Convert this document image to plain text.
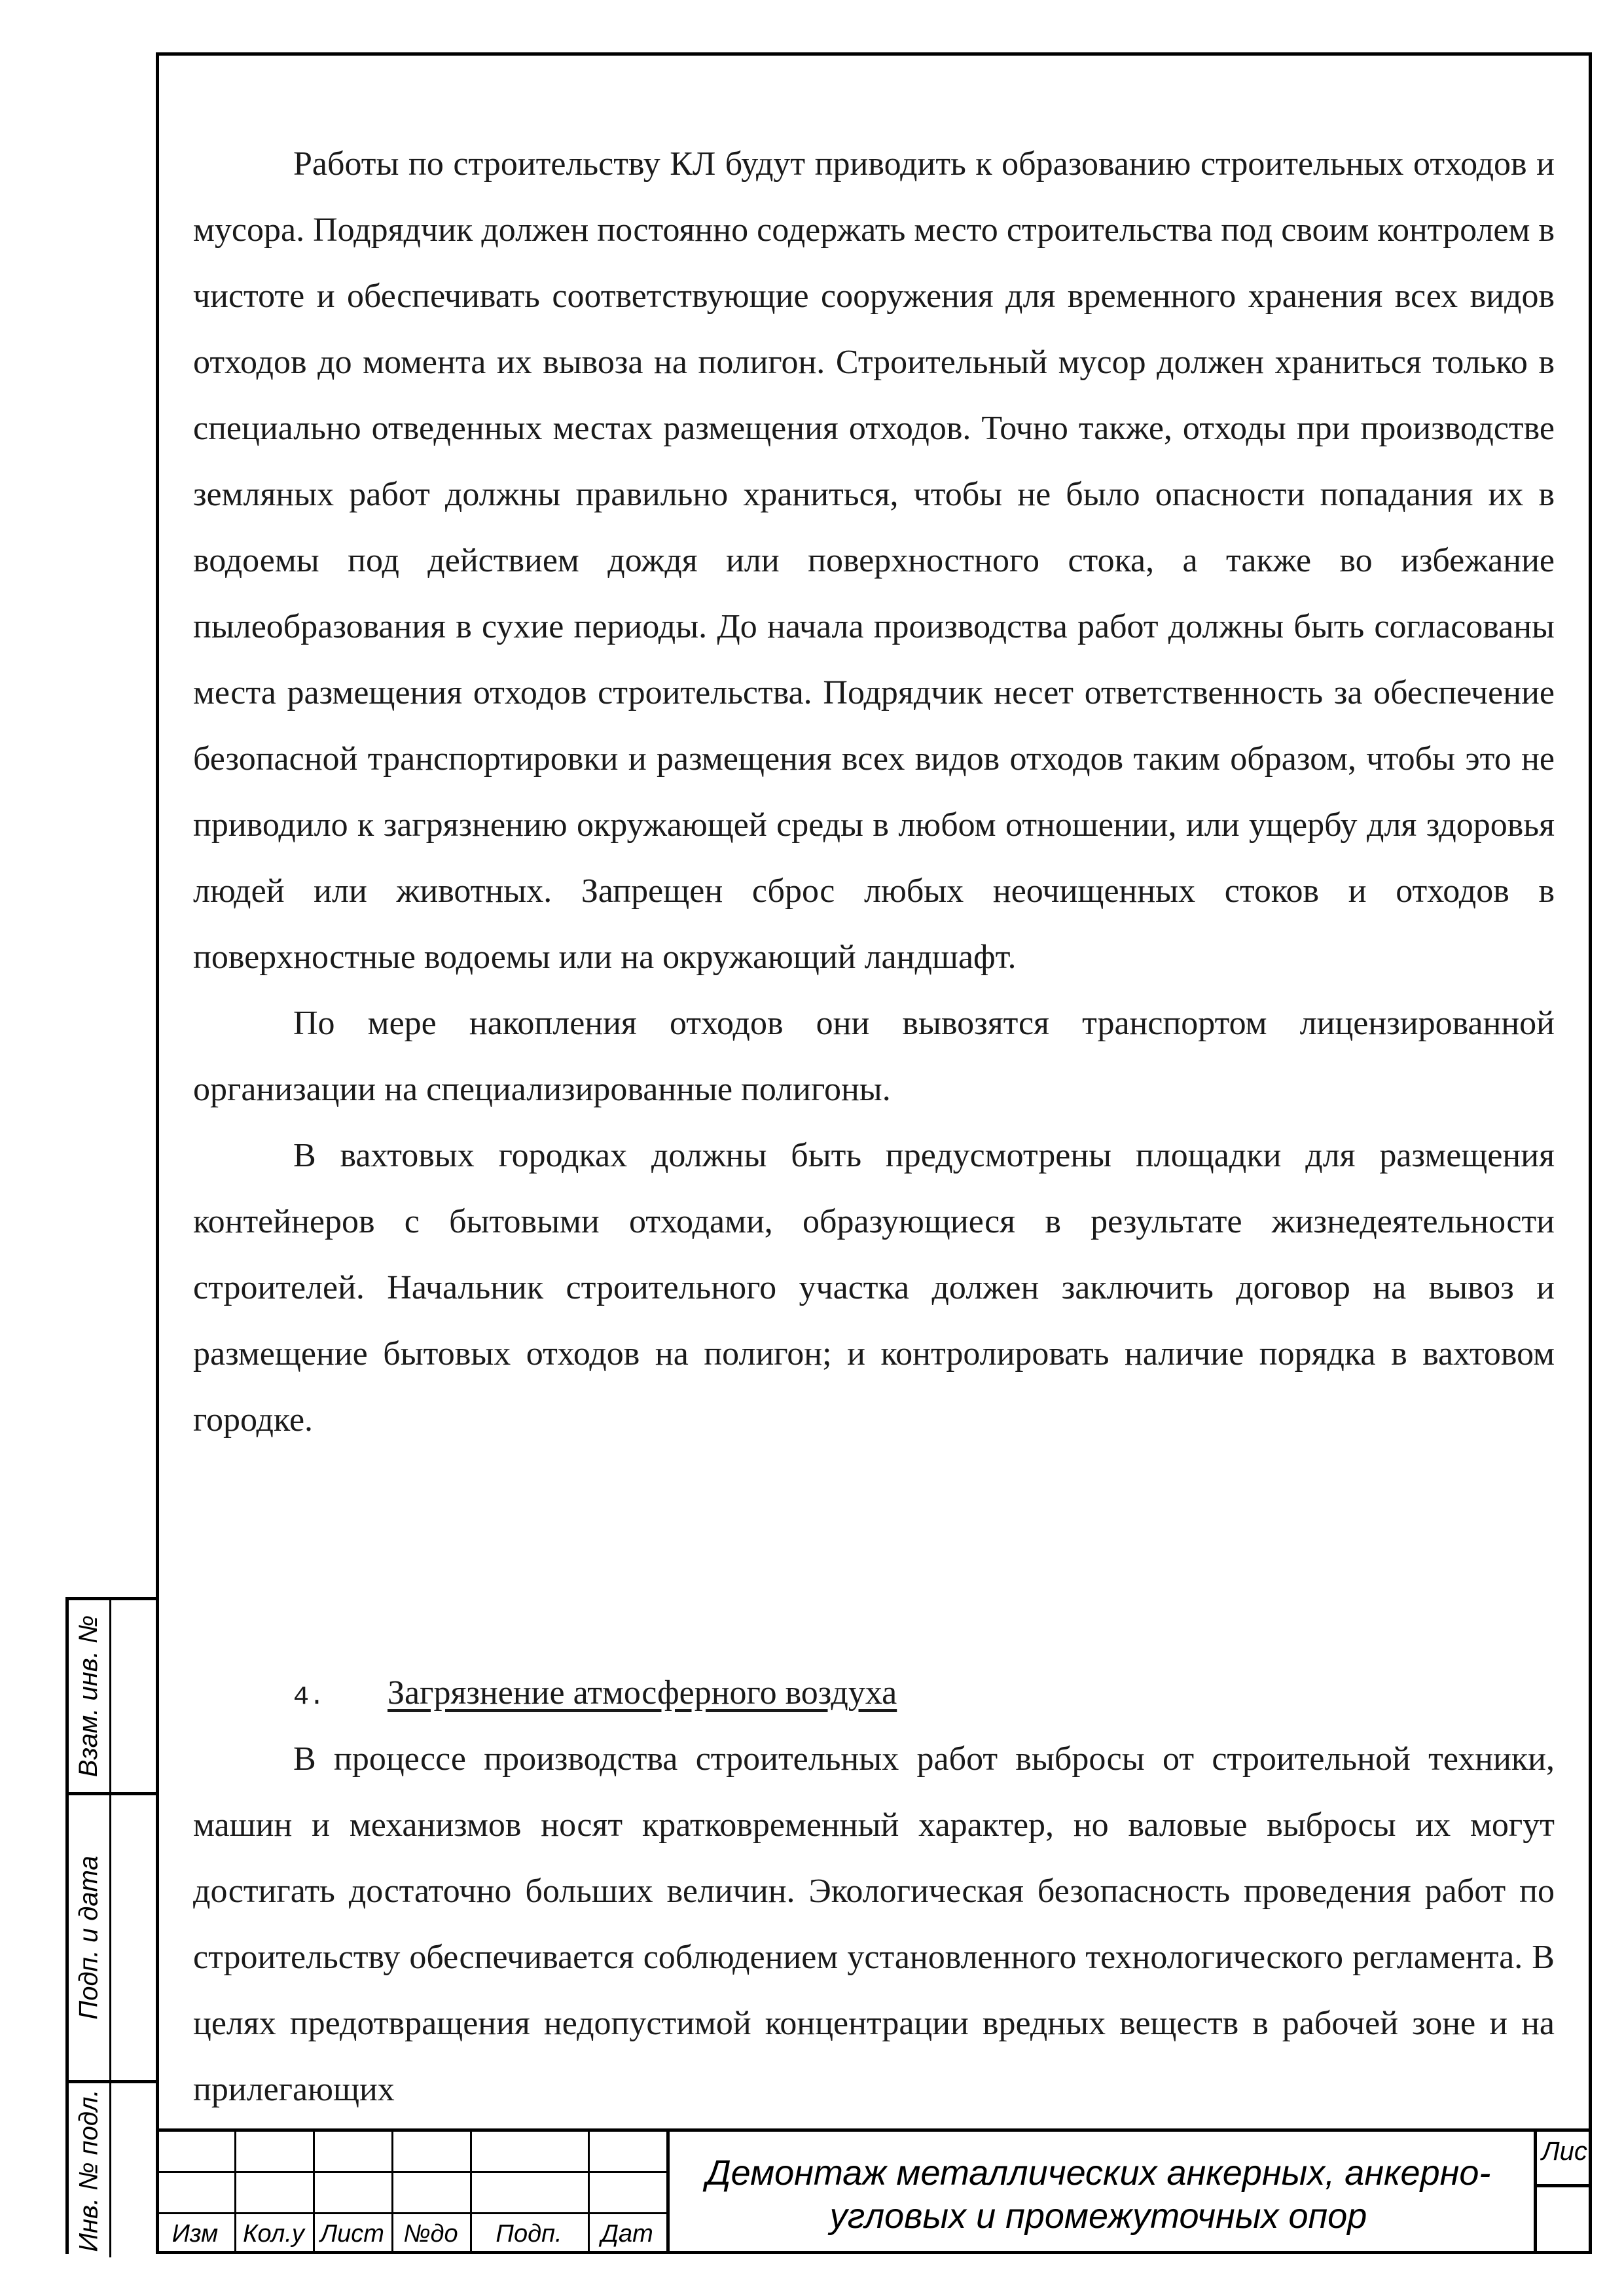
Работы по строительству КЛ будут приводить к образованию строительных отходов и мусора. Подрядчик должен постоянно содержать место строительства под своим контролем в чистоте и обеспечивать соответствующие сооружения для временного хранения всех видов отходов до момента их вывоза на полигон. Строительный мусор должен храниться только в специально отведенных местах размещения отходов. Точно также, отходы при производстве земляных работ должны правильно храниться, чтобы не было опасности попадания их в водоемы под действием дождя или поверхностного стока, а также во избежание пылеобразования в сухие периоды. До начала производства работ должны быть согласованы места размещения отходов строительства. Подрядчик несет ответственность за обеспечение безопасной транспортировки и размещения всех видов отходов таким образом, чтобы это не приводило к загрязнению окружающей среды в любом отношении, или ущербу для здоровья людей или животных. Запрещен сброс любых неочищенных стоков и отходов в поверхностные водоемы или на окружающий ландшафт.

По мере накопления отходов они вывозятся транспортом лицензированной организации на специализированные полигоны.

В вахтовых городках должны быть предусмотрены площадки для размещения контейнеров с бытовыми отходами, образующиеся в результате жизнедеятельности строителей. Начальник строительного участка должен заключить договор на вывоз и размещение бытовых отходов на полигон; и контролировать наличие порядка в вахтовом городке.

4. Загрязнение атмосферного воздуха

В процессе производства строительных работ выбросы от строительной техники, машин и механизмов носят кратковременный характер, но валовые выбросы их могут достигать достаточно больших величин. Экологическая безопасность проведения работ по строительству обеспечивается соблюдением установленного технологического регламента. В целях предотвращения недопустимой концентрации вредных веществ в рабочей зоне и на прилегающих

Взам. инв. №
Подп. и дата
Инв. № подл.	Изм Кол.у Лист №до	Подп.	Дат
Демонтаж металлических анкерных, анкерно-
угловых и промежуточных опор
Лис
